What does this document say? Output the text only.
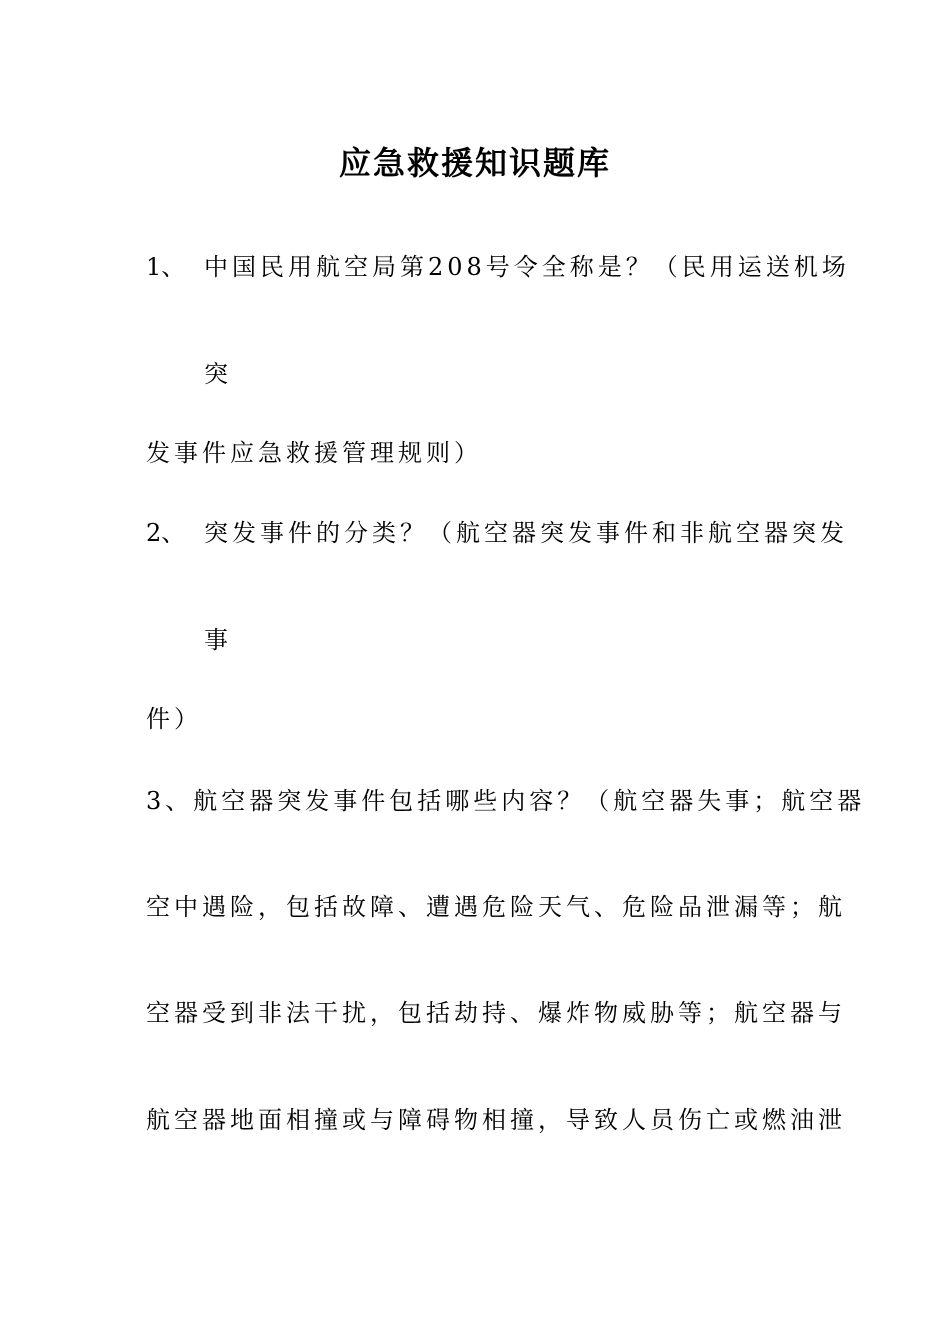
应急救援知识题库
1、 中国民用航空局第208号令全称是？（民用运送机场
突
发事件应急救援管理规则）
2、 突发事件的分类？（航空器突发事件和非航空器突发
事
件）
3、航空器突发事件包括哪些内容？（航空器失事；航空器
空中遇险，包括故障、遭遇危险天气、危险品泄漏等；航
空器受到非法干扰，包括劫持、爆炸物威胁等；航空器与
航空器地面相撞或与障碍物相撞，导致人员伤亡或燃油泄
